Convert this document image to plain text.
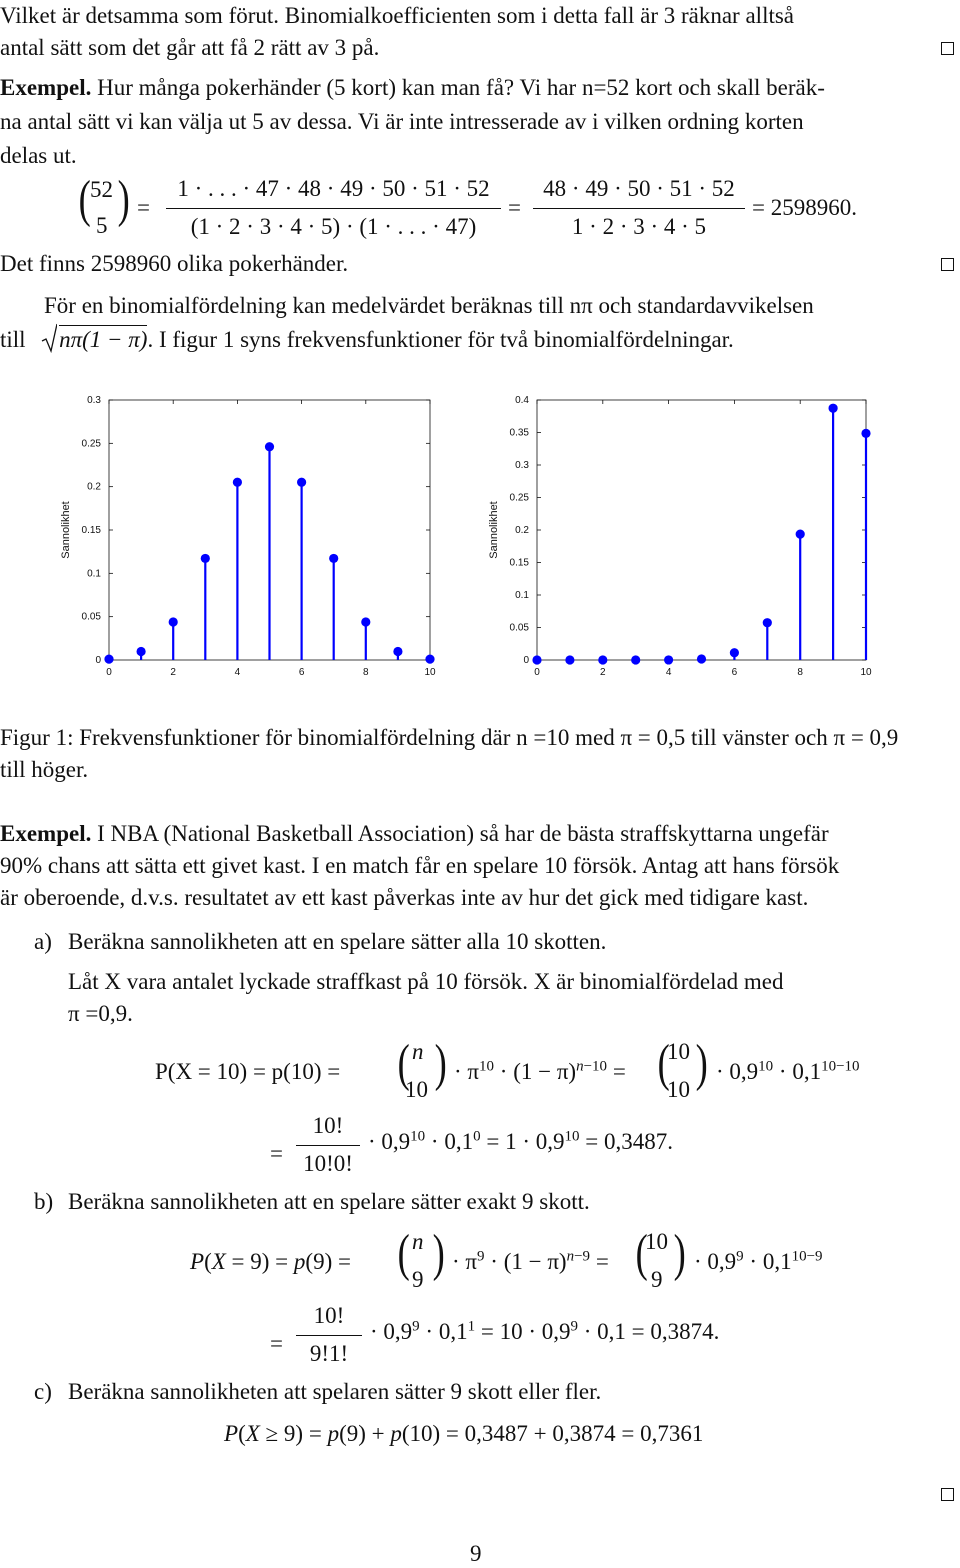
Vilket är detsamma som förut. Binomialkoefficienten som i detta fall är 3 räknar alltså
antal sätt som det går att få 2 rätt av 3 på.
Exempel. Hur många pokerhänder (5 kort) kan man få? Vi har n=52 kort och skall beräk-
na antal sätt vi kan välja ut 5 av dessa. Vi är inte intresserade av i vilken ordning korten
delas ut.
( 52
5 ) =
1 · . . . · 47 · 48 · 49 · 50 · 51 · 52
(1 · 2 · 3 · 4 · 5) · (1 · . . . · 47)
=
48 · 49 · 50 · 51 · 52
1 · 2 · 3 · 4 · 5
= 2598960.
Det finns 2598960 olika pokerhänder.
För en binomialfördelning kan medelvärdet beräknas till nπ och standardavvikelsen
till nπ(1 − π). I figur 1 syns frekvensfunktioner för två binomialfördelningar.
0
0.05
0.1
0.15
0.2
0.25
0.3
0	2	4	6	8	10
Sannolikhet
0
0.05
0.1
0.15
0.2
0.25
0.3
0.35
0.4
0	2	4	6	8	10
Sannolikhet
Figur 1: Frekvensfunktioner för binomialfördelning där n =10 med π = 0,5 till vänster och π = 0,9
till höger.
Exempel. I NBA (National Basketball Association) så har de bästa straffskyttarna ungefär
90% chans att sätta ett givet kast. I en match får en spelare 10 försök. Antag att hans försök
är oberoende, d.v.s. resultatet av ett kast påverkas inte av hur det gick med tidigare kast.
a) Beräkna sannolikheten att en spelare sätter alla 10 skotten.
Låt X vara antalet lyckade straffkast på 10 försök. X är binomialfördelad med
π =0,9.
P(X = 10) = p(10) = ( n
10 ) · $\pi^{10} \cdot (1 - \pi)^{n-10}$ = (
10
10 ) · $0,9^{10} \cdot 0,1^{10-10}$
=
10!
10!0!
· $0,9^{10} \cdot 0,1^0 = 1 \cdot 0,9^{10} = 0,3487$.
b) Beräkna sannolikheten att en spelare sätter exakt 9 skott.
P(X = 9) = p(9) = ( n
9 ) · $\pi^9 \cdot (1 - \pi)^{n-9}$ = (
10
9 ) · $0,9^9 \cdot 0,1^{10-9}$
=
10!
9!1!
· $0,9^9 \cdot 0,1^1 = 10 \cdot 0,9^9 \cdot 0,1 = 0,3874$.
c) Beräkna sannolikheten att spelaren sätter 9 skott eller fler.
P(X ≥ 9) = p(9) + p(10) = 0,3487 + 0,3874 = 0,7361
9
